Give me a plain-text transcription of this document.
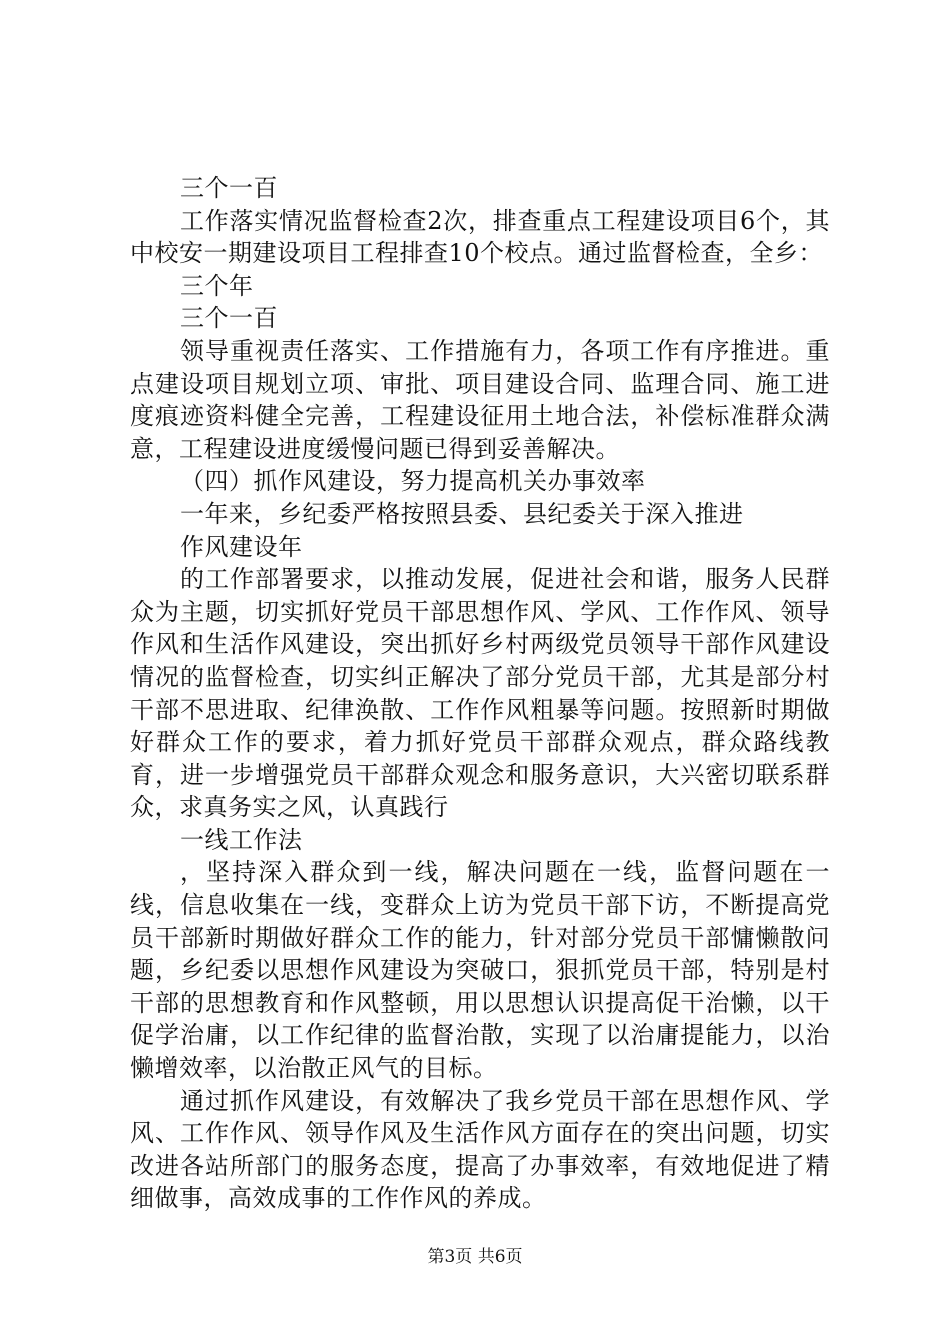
三个一百

工作落实情况监督检查2次，排查重点工程建设项目6个，其中校安一期建设项目工程排查10个校点。通过监督检查，全乡：

三个年

三个一百

领导重视责任落实、工作措施有力，各项工作有序推进。重点建设项目规划立项、审批、项目建设合同、监理合同、施工进度痕迹资料健全完善，工程建设征用土地合法，补偿标准群众满意，工程建设进度缓慢问题已得到妥善解决。

（四）抓作风建设，努力提高机关办事效率

一年来，乡纪委严格按照县委、县纪委关于深入推进

作风建设年

的工作部署要求，以推动发展，促进社会和谐，服务人民群众为主题，切实抓好党员干部思想作风、学风、工作作风、领导作风和生活作风建设，突出抓好乡村两级党员领导干部作风建设情况的监督检查，切实纠正解决了部分党员干部，尤其是部分村干部不思进取、纪律涣散、工作作风粗暴等问题。按照新时期做好群众工作的要求，着力抓好党员干部群众观点，群众路线教育，进一步增强党员干部群众观念和服务意识，大兴密切联系群众，求真务实之风，认真践行

一线工作法

，坚持深入群众到一线，解决问题在一线，监督问题在一线，信息收集在一线，变群众上访为党员干部下访，不断提高党员干部新时期做好群众工作的能力，针对部分党员干部慵懒散问题，乡纪委以思想作风建设为突破口，狠抓党员干部，特别是村干部的思想教育和作风整顿，用以思想认识提高促干治懒，以干促学治庸，以工作纪律的监督治散，实现了以治庸提能力，以治懒增效率，以治散正风气的目标。

通过抓作风建设，有效解决了我乡党员干部在思想作风、学风、工作作风、领导作风及生活作风方面存在的突出问题，切实改进各站所部门的服务态度，提高了办事效率，有效地促进了精细做事，高效成事的工作作风的养成。

第3页 共6页
